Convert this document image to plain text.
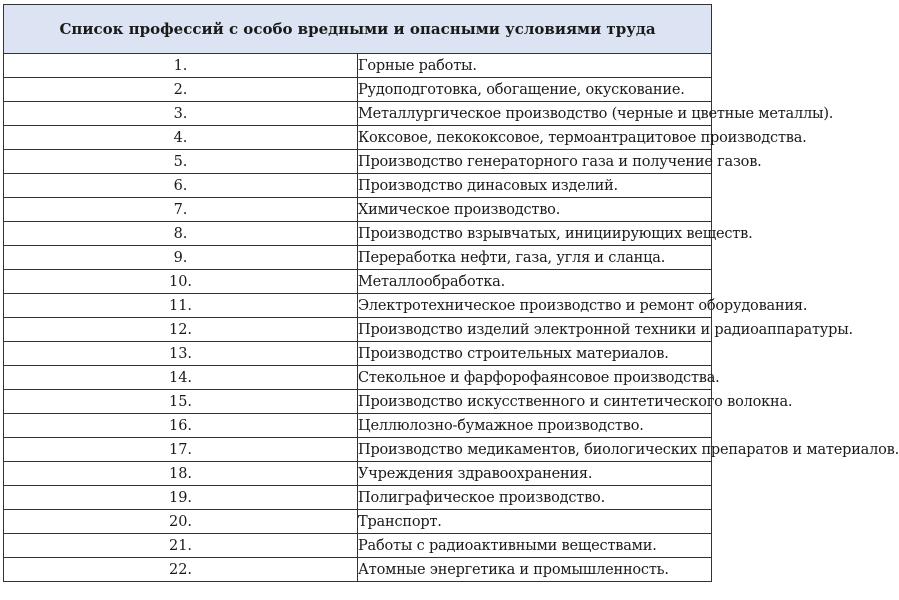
Список профессий с особо вредными и опасными условиями труда	
1.	Горные работы.
2.	Рудоподготовка, обогащение, окускование.
3.	Металлургическое производство (черные и цветные металлы).
4.	Коксовое, пекококсовое, термоантрацитовое производства.
5.	Производство генераторного газа и получение газов.
6.	Производство динасовых изделий.
7.	Химическое производство.
8.	Производство взрывчатых, инициирующих веществ.
9.	Переработка нефти, газа, угля и сланца.
10.	Металлообработка.
11.	Электротехническое производство и ремонт оборудования.
12.	Производство изделий электронной техники и радиоаппаратуры.
13.	Производство строительных материалов.
14.	Стекольное и фарфорофаянсовое производства.
15.	Производство искусственного и синтетического волокна.
16.	Целлюлозно-бумажное производство.
17.	Производство медикаментов, биологических препаратов и материалов.
18.	Учреждения здравоохранения.
19.	Полиграфическое производство.
20.	Транспорт.
21.	Работы с радиоактивными веществами.
22.	Атомные энергетика и промышленность.
